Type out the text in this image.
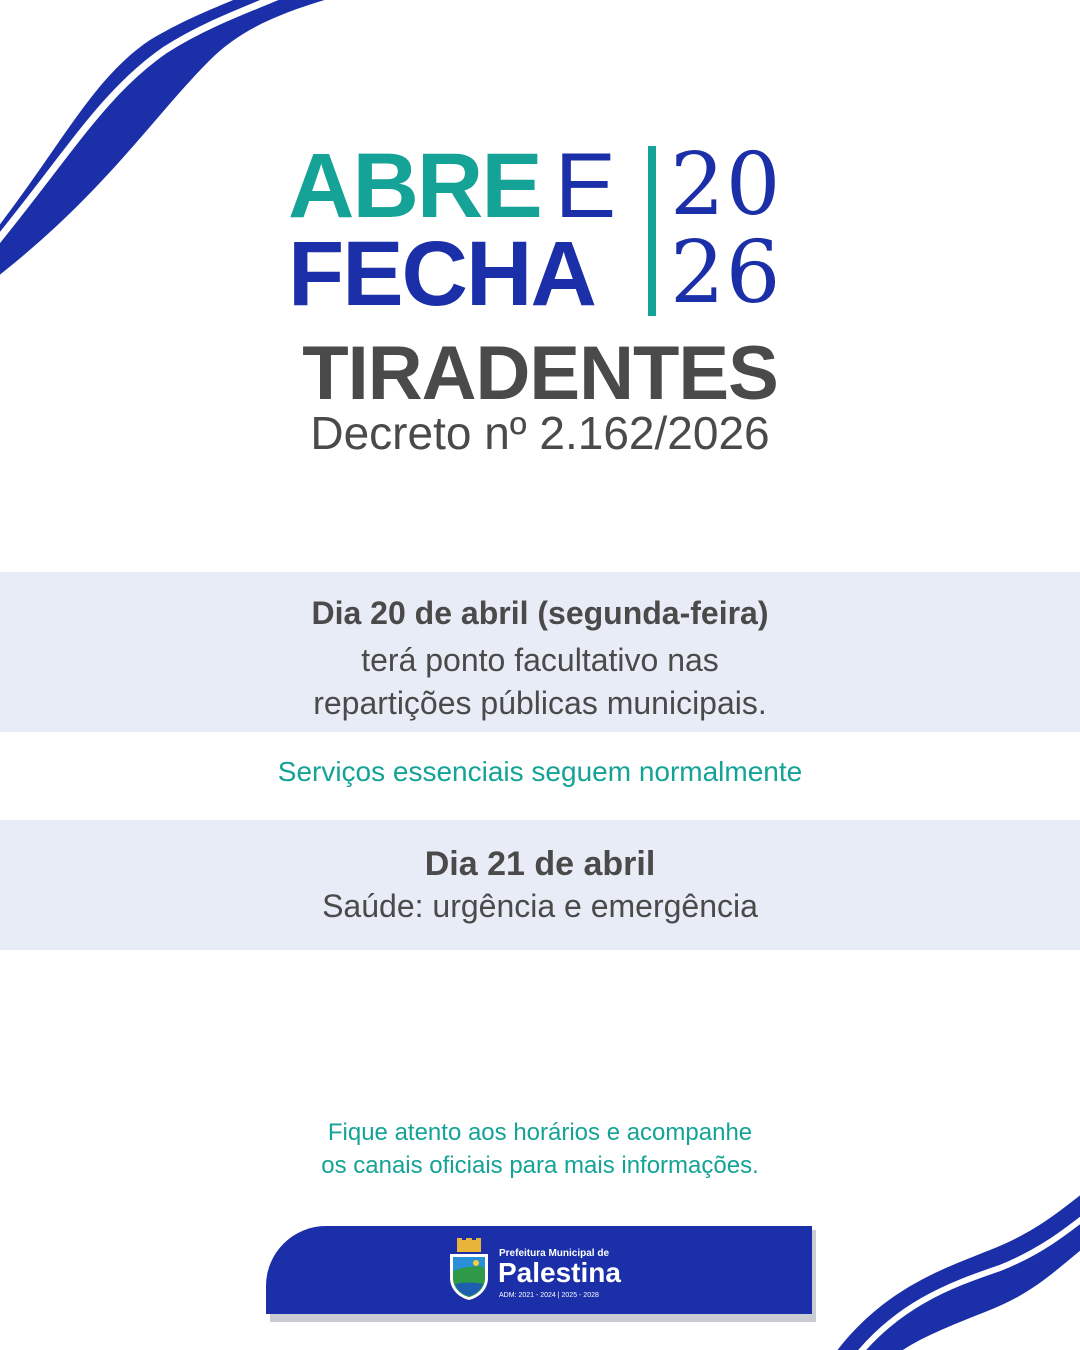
ABRE E
FECHA
20
26
TIRADENTES
Decreto nº 2.162/2026
Dia 20 de abril (segunda-feira)
terá ponto facultativo nas
repartições públicas municipais.
Serviços essenciais seguem normalmente
Dia 21 de abril
Saúde: urgência e emergência
Fique atento aos horários e acompanhe
os canais oficiais para mais informações.
Prefeitura Municipal de
Palestina
ADM: 2021 - 2024 | 2025 - 2028
